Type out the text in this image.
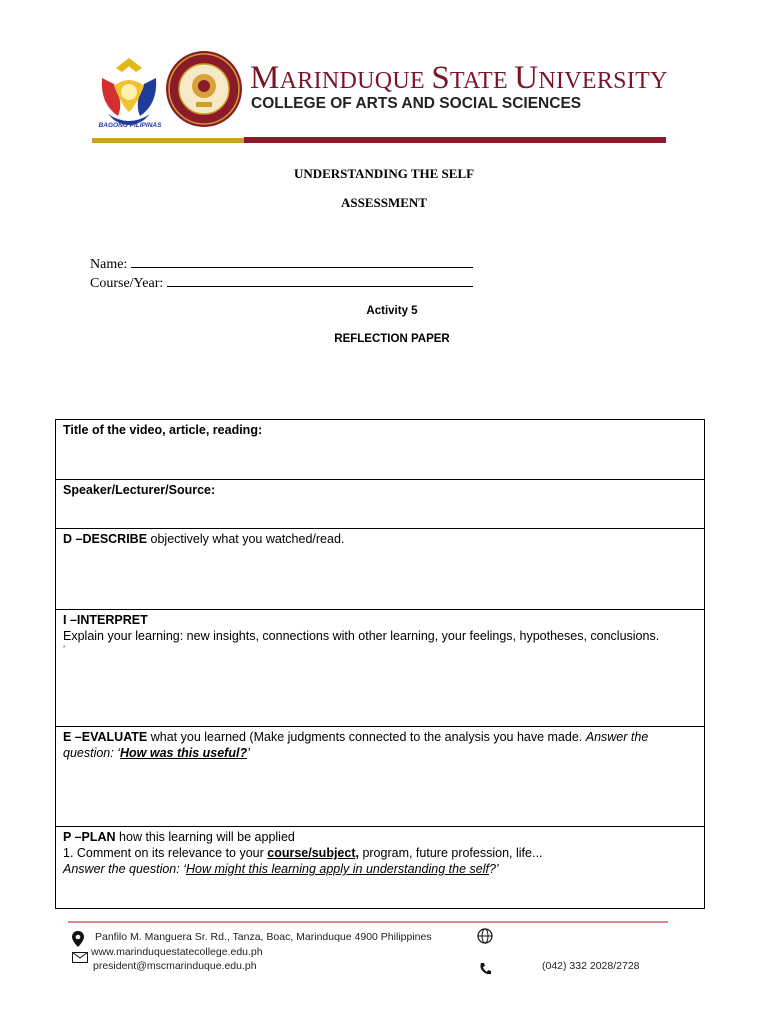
BAGONG PILIPINAS
MARINDUQUE STATE UNIVERSITY
COLLEGE OF ARTS AND SOCIAL SCIENCES
UNDERSTANDING THE SELF
ASSESSMENT
Name:
Course/Year:
Activity 5
REFLECTION PAPER
Title of the video, article, reading:
Speaker/Lecturer/Source:
D –DESCRIBE objectively what you watched/read.
I –INTERPRET
Explain your learning: new insights, connections with other learning, your feelings, hypotheses, conclusions.
’
E –EVALUATE what you learned (Make judgments connected to the analysis you have made. Answer the question: ‘How was this useful?’
P –PLAN how this learning will be applied
1. Comment on its relevance to your course/subject, program, future profession, life...
Answer the question: ‘How might this learning apply in understanding the self?’
Panfilo M. Manguera Sr. Rd., Tanza, Boac, Marinduque 4900 Philippines
www.marinduquestatecollege.edu.ph
president@mscmarinduque.edu.ph	(042) 332 2028/2728
